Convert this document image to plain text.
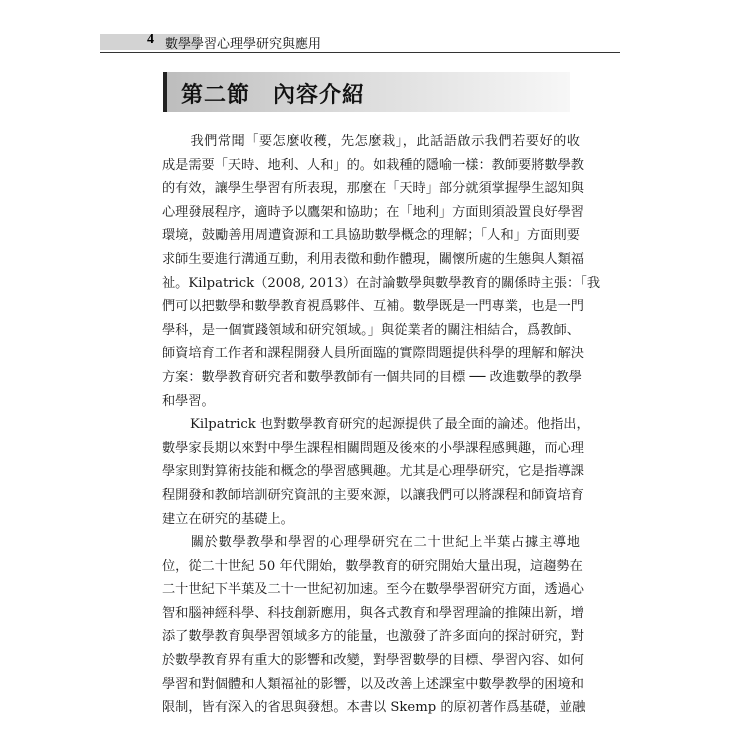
4 數學學習心理學研究與應用
第二節　內容介紹

我們常聞「要怎麼收穫，先怎麼栽」，此話語啟示我們若要好的收
成是需要「天時、地利、人和」的。如栽種的隱喻一樣：教師要將數學教
的有效，讓學生學習有所表現，那麼在「天時」部分就須掌握學生認知與
心理發展程序，適時予以鷹架和協助；在「地利」方面則須設置良好學習
環境，鼓勵善用周遭資源和工具協助數學概念的理解；「人和」方面則要
求師生要進行溝通互動，利用表徵和動作體現，關懷所處的生態與人類福
祉。Kilpatrick（2008, 2013）在討論數學與數學教育的關係時主張：「我
們可以把數學和數學教育視爲夥伴、互補。數學既是一門專業，也是一門
學科，是一個實踐領域和研究領域。」與從業者的關注相結合，爲教師、
師資培育工作者和課程開發人員所面臨的實際問題提供科學的理解和解決
方案：數學教育研究者和數學教師有一個共同的目標 ── 改進數學的教學
和學習。

Kilpatrick 也對數學教育研究的起源提供了最全面的論述。他指出，
數學家長期以來對中學生課程相關問題及後來的小學課程感興趣，而心理
學家則對算術技能和概念的學習感興趣。尤其是心理學研究，它是指導課
程開發和教師培訓研究資訊的主要來源，以讓我們可以將課程和師資培育
建立在研究的基礎上。

關於數學教學和學習的心理學研究在二十世紀上半葉占據主導地
位，從二十世紀 50 年代開始，數學教育的研究開始大量出現，這趨勢在
二十世紀下半葉及二十一世紀初加速。至今在數學學習研究方面，透過心
智和腦神經科學、科技創新應用，與各式教育和學習理論的推陳出新，增
添了數學教育與學習領域多方的能量，也激發了許多面向的探討研究，對
於數學教育界有重大的影響和改變，對學習數學的目標、學習內容、如何
學習和對個體和人類福祉的影響，以及改善上述課室中數學教學的困境和
限制，皆有深入的省思與發想。本書以 Skemp 的原初著作爲基礎，並融
